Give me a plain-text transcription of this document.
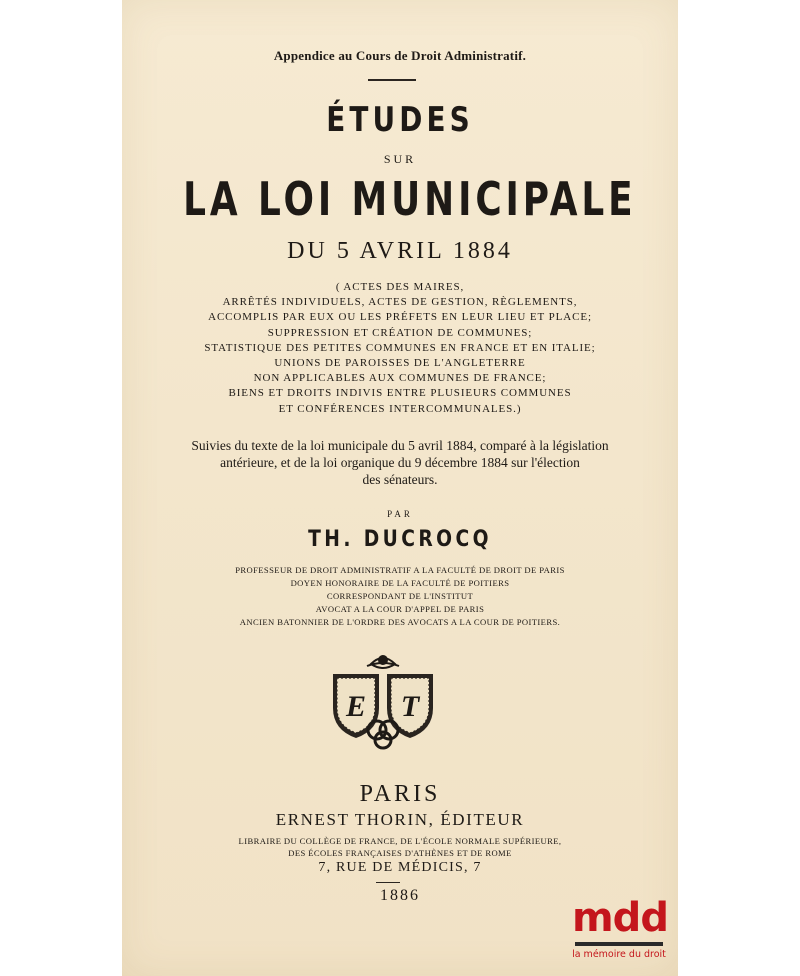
Appendice au Cours de Droit Administratif.
ÉTUDES
SUR
LA LOI MUNICIPALE
DU 5 AVRIL 1884
( ACTES DES MAIRES,
ARRÊTÉS INDIVIDUELS, ACTES DE GESTION, RÈGLEMENTS,
ACCOMPLIS PAR EUX OU LES PRÉFETS EN LEUR LIEU ET PLACE;
SUPPRESSION ET CRÉATION DE COMMUNES;
STATISTIQUE DES PETITES COMMUNES EN FRANCE ET EN ITALIE;
UNIONS DE PAROISSES DE L'ANGLETERRE
NON APPLICABLES AUX COMMUNES DE FRANCE;
BIENS ET DROITS INDIVIS ENTRE PLUSIEURS COMMUNES
ET CONFÉRENCES INTERCOMMUNALES.)
Suivies du texte de la loi municipale du 5 avril 1884, comparé à la législation
antérieure, et de la loi organique du 9 décembre 1884 sur l'élection
des sénateurs.
PAR
TH. DUCROCQ
PROFESSEUR DE DROIT ADMINISTRATIF A LA FACULTÉ DE DROIT DE PARIS
DOYEN HONORAIRE DE LA FACULTÉ DE POITIERS
CORRESPONDANT DE L'INSTITUT
AVOCAT A LA COUR D'APPEL DE PARIS
ANCIEN BATONNIER DE L'ORDRE DES AVOCATS A LA COUR DE POITIERS.
E T
PARIS
ERNEST THORIN, ÉDITEUR
LIBRAIRE DU COLLÈGE DE FRANCE, DE L'ÉCOLE NORMALE SUPÉRIEURE,
DES ÉCOLES FRANÇAISES D'ATHÈNES ET DE ROME
7, RUE DE MÉDICIS, 7
1886	mdd
la mémoire du droit
